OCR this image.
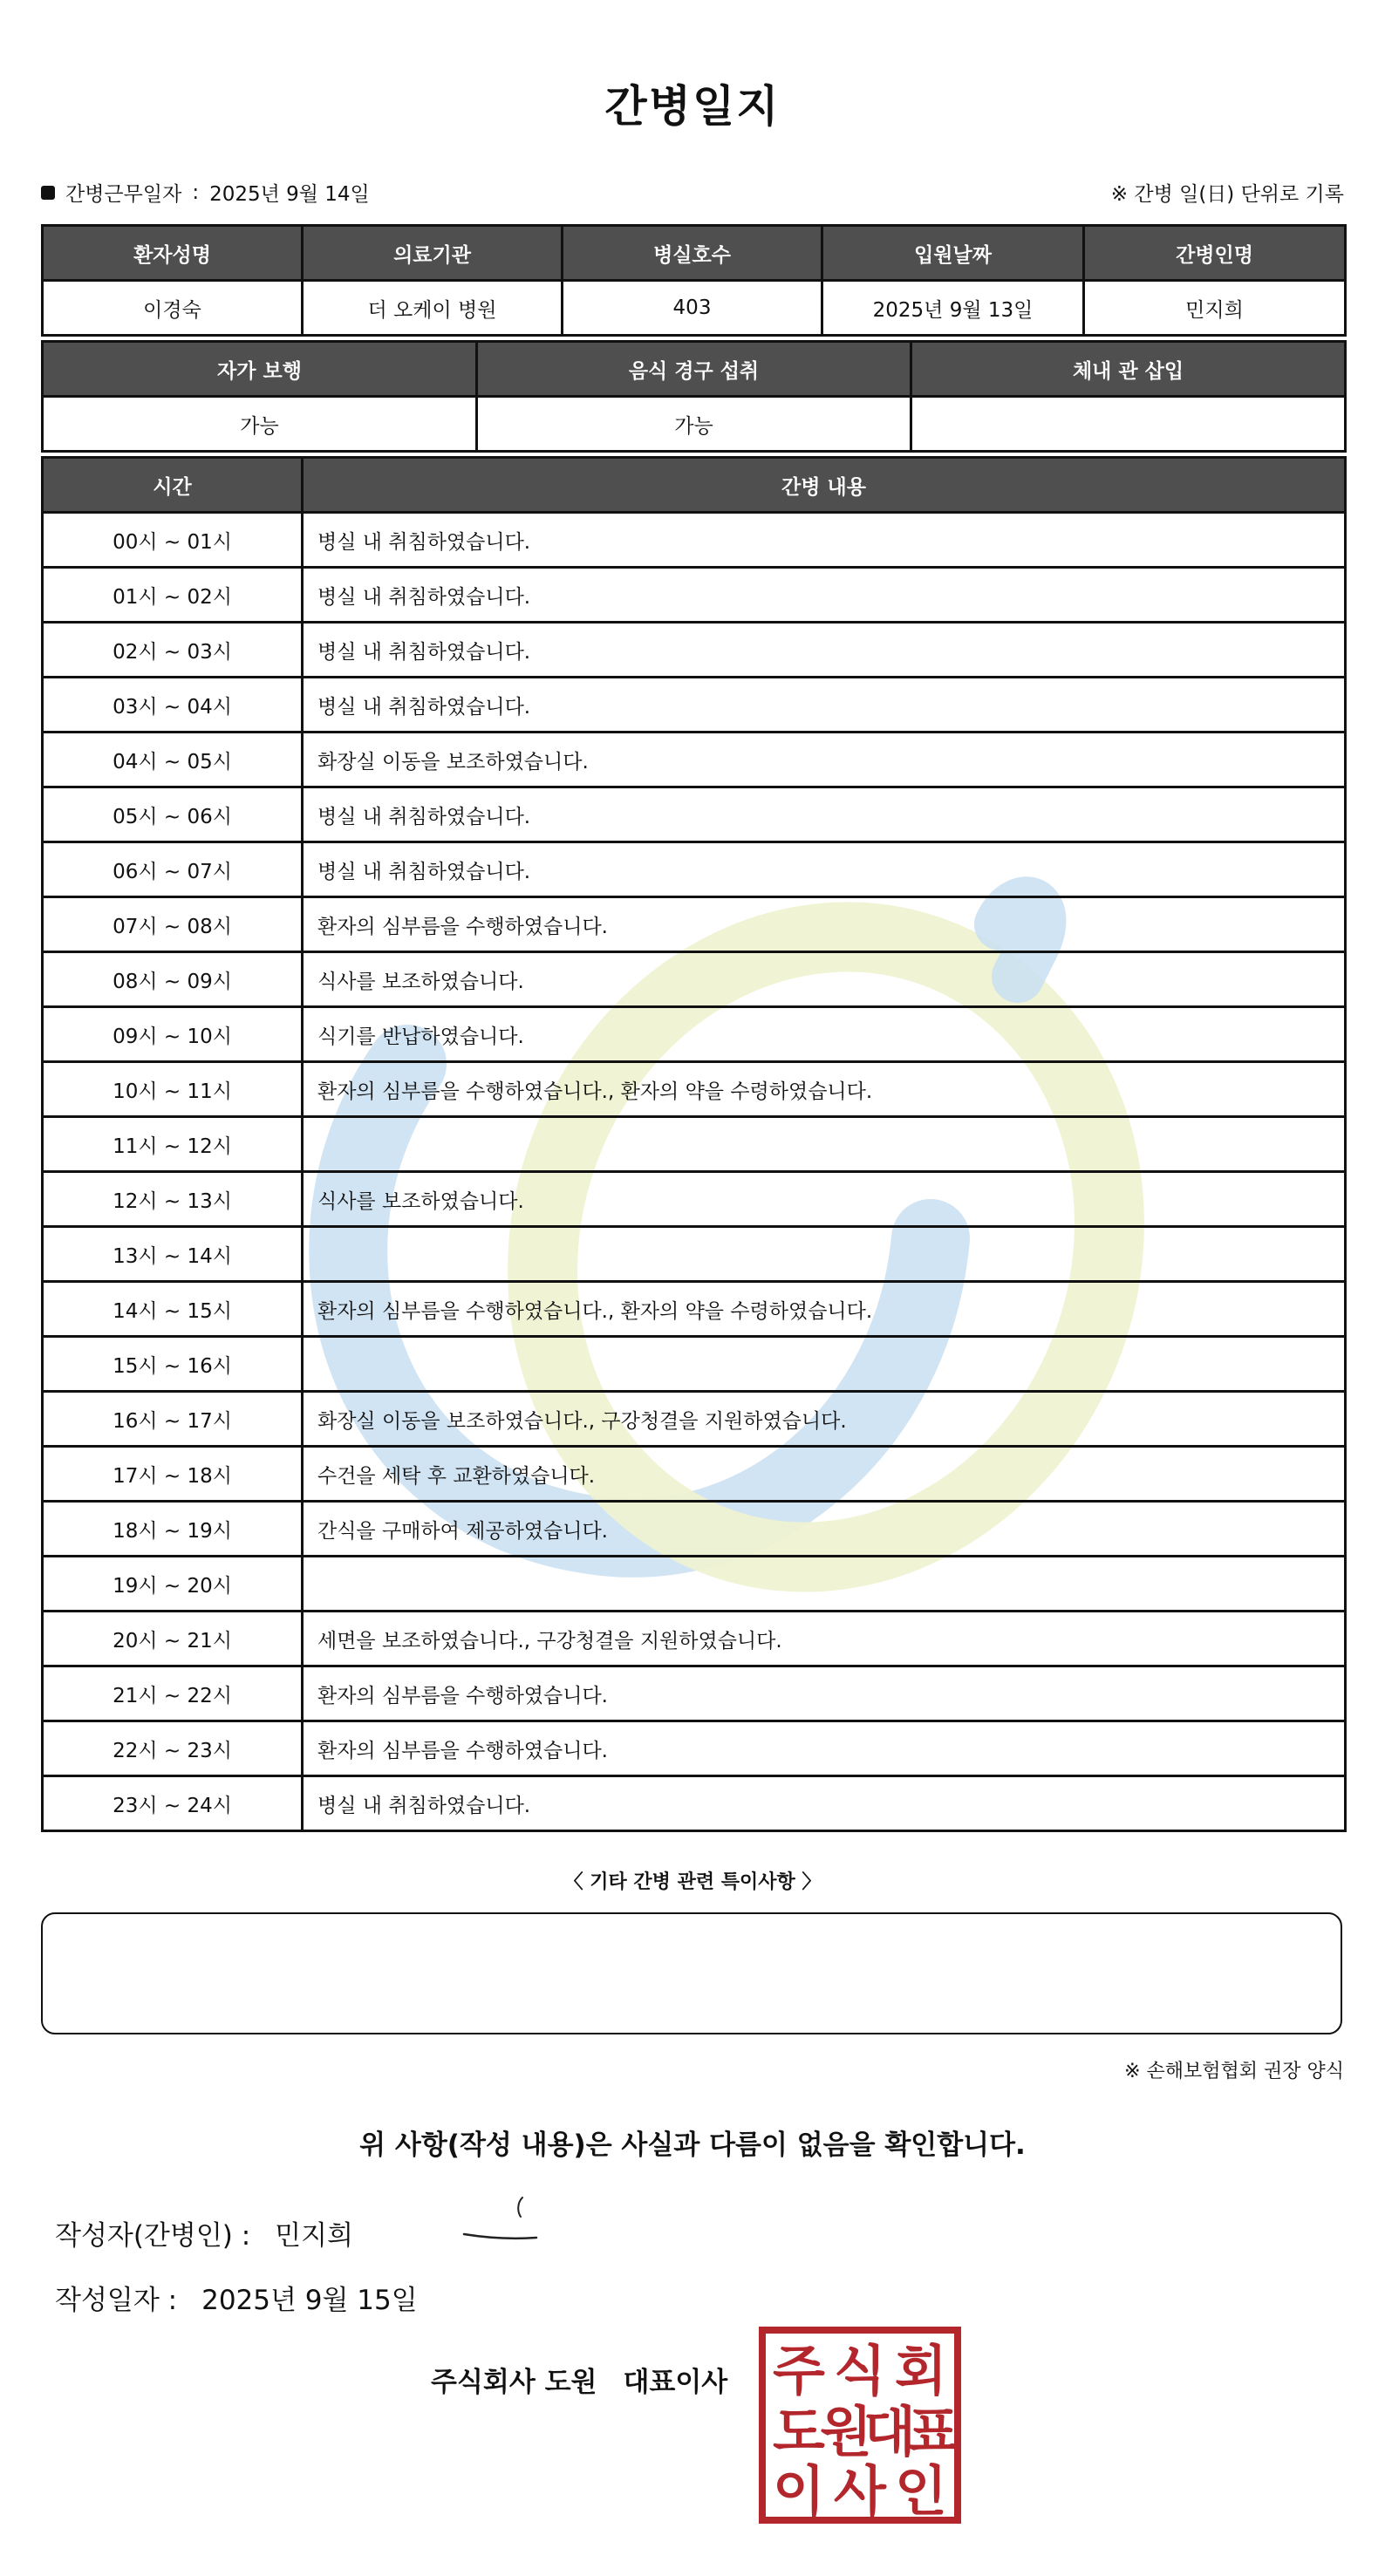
간병일지
간병근무일자 : 2025년 9월 14일	※ 간병 일(日) 단위로 기록
환자성명	의료기관	병실호수	입원날짜	간병인명
이경숙	더 오케이 병원	403	2025년 9월 13일	민지희
자가 보행	음식 경구 섭취	체내 관 삽입
가능	가능	
시간	간병 내용
00시 ~ 01시	병실 내 취침하였습니다.
01시 ~ 02시	병실 내 취침하였습니다.
02시 ~ 03시	병실 내 취침하였습니다.
03시 ~ 04시	병실 내 취침하였습니다.
04시 ~ 05시	화장실 이동을 보조하였습니다.
05시 ~ 06시	병실 내 취침하였습니다.
06시 ~ 07시	병실 내 취침하였습니다.
07시 ~ 08시	환자의 심부름을 수행하였습니다.
08시 ~ 09시	식사를 보조하였습니다.
09시 ~ 10시	식기를 반납하였습니다.
10시 ~ 11시	환자의 심부름을 수행하였습니다., 환자의 약을 수령하였습니다.
11시 ~ 12시	
12시 ~ 13시	식사를 보조하였습니다.
13시 ~ 14시	
14시 ~ 15시	환자의 심부름을 수행하였습니다., 환자의 약을 수령하였습니다.
15시 ~ 16시	
16시 ~ 17시	화장실 이동을 보조하였습니다., 구강청결을 지원하였습니다.
17시 ~ 18시	수건을 세탁 후 교환하였습니다.
18시 ~ 19시	간식을 구매하여 제공하였습니다.
19시 ~ 20시	
20시 ~ 21시	세면을 보조하였습니다., 구강청결을 지원하였습니다.
21시 ~ 22시	환자의 심부름을 수행하였습니다.
22시 ~ 23시	환자의 심부름을 수행하였습니다.
23시 ~ 24시	병실 내 취침하였습니다.
〈 기타 간병 관련 특이사항 〉
※ 손해보험협회 권장 양식
위 사항(작성 내용)은 사실과 다름이 없음을 확인합니다.
작성자(간병인) : 민지희
작성일자 : 2025년 9월 15일
주식회사 도원 대표이사 주 식 회
도
원
대
표
이 사 인
